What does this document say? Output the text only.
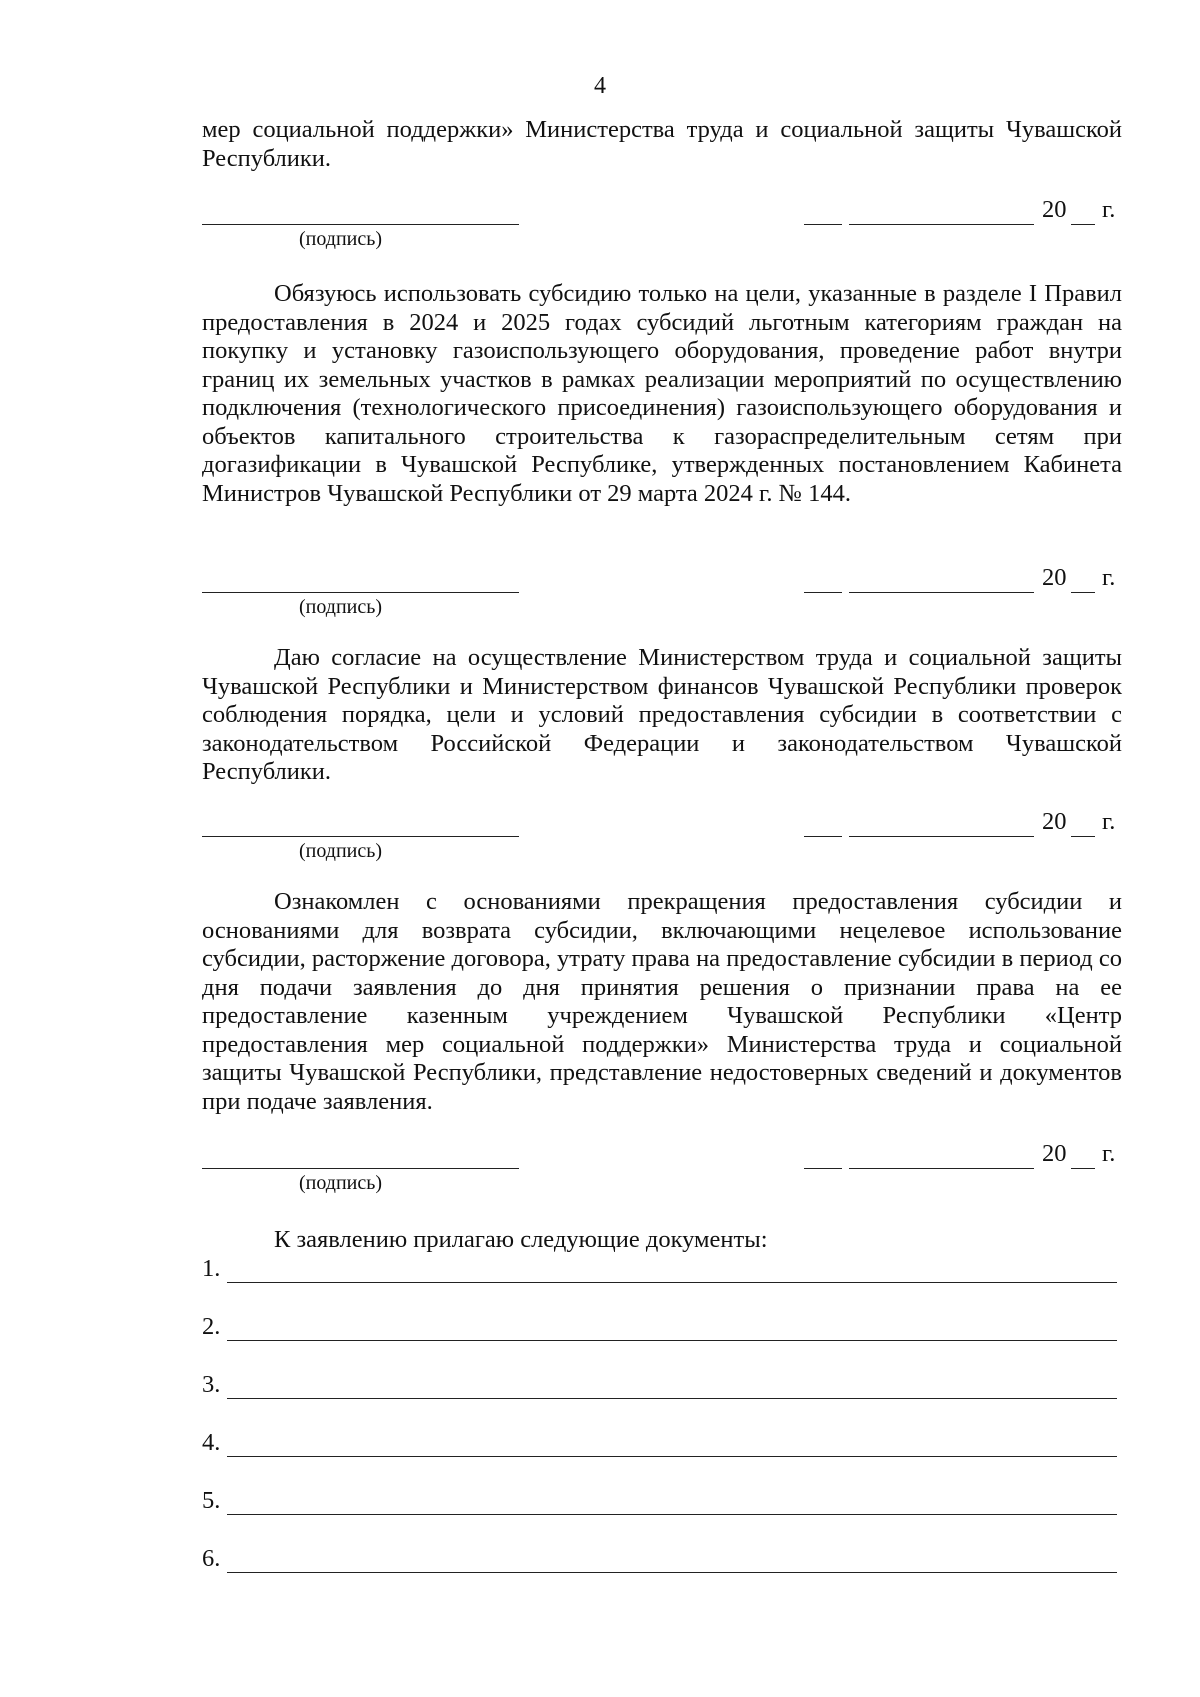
4

мер социальной поддержки» Министерства труда и социальной защиты Чувашской Республики.

(подпись)
20 г.

Обязуюсь использовать субсидию только на цели, указанные в разделе I Правил предоставления в 2024 и 2025 годах субсидий льготным категориям граждан на покупку и установку газоиспользующего оборудования, проведение работ внутри границ их земельных участков в рамках реализации мероприятий по осуществлению подключения (технологического присоединения) газоиспользующего оборудования и объектов капитального строительства к газораспределительным сетям при догазификации в Чувашской Республике, утвержденных постановлением Кабинета Министров Чувашской Республики от 29 марта 2024 г. № 144.

(подпись)
20 г.

Даю согласие на осуществление Министерством труда и социальной защиты Чувашской Республики и Министерством финансов Чувашской Республики проверок соблюдения порядка, цели и условий предоставления субсидии в соответствии с законодательством Российской Федерации и законодательством Чувашской Республики.

(подпись)
20 г.

Ознакомлен с основаниями прекращения предоставления субсидии и основаниями для возврата субсидии, включающими нецелевое использование субсидии, расторжение договора, утрату права на предоставление субсидии в период со дня подачи заявления до дня принятия решения о признании права на ее предоставление казенным учреждением Чувашской Республики «Центр предоставления мер социальной поддержки» Министерства труда и социальной защиты Чувашской Республики, представление недостоверных сведений и документов при подаче заявления.

(подпись)
20 г.
К заявлению прилагаю следующие документы:
1.
2.
3.
4.
5.
6.
